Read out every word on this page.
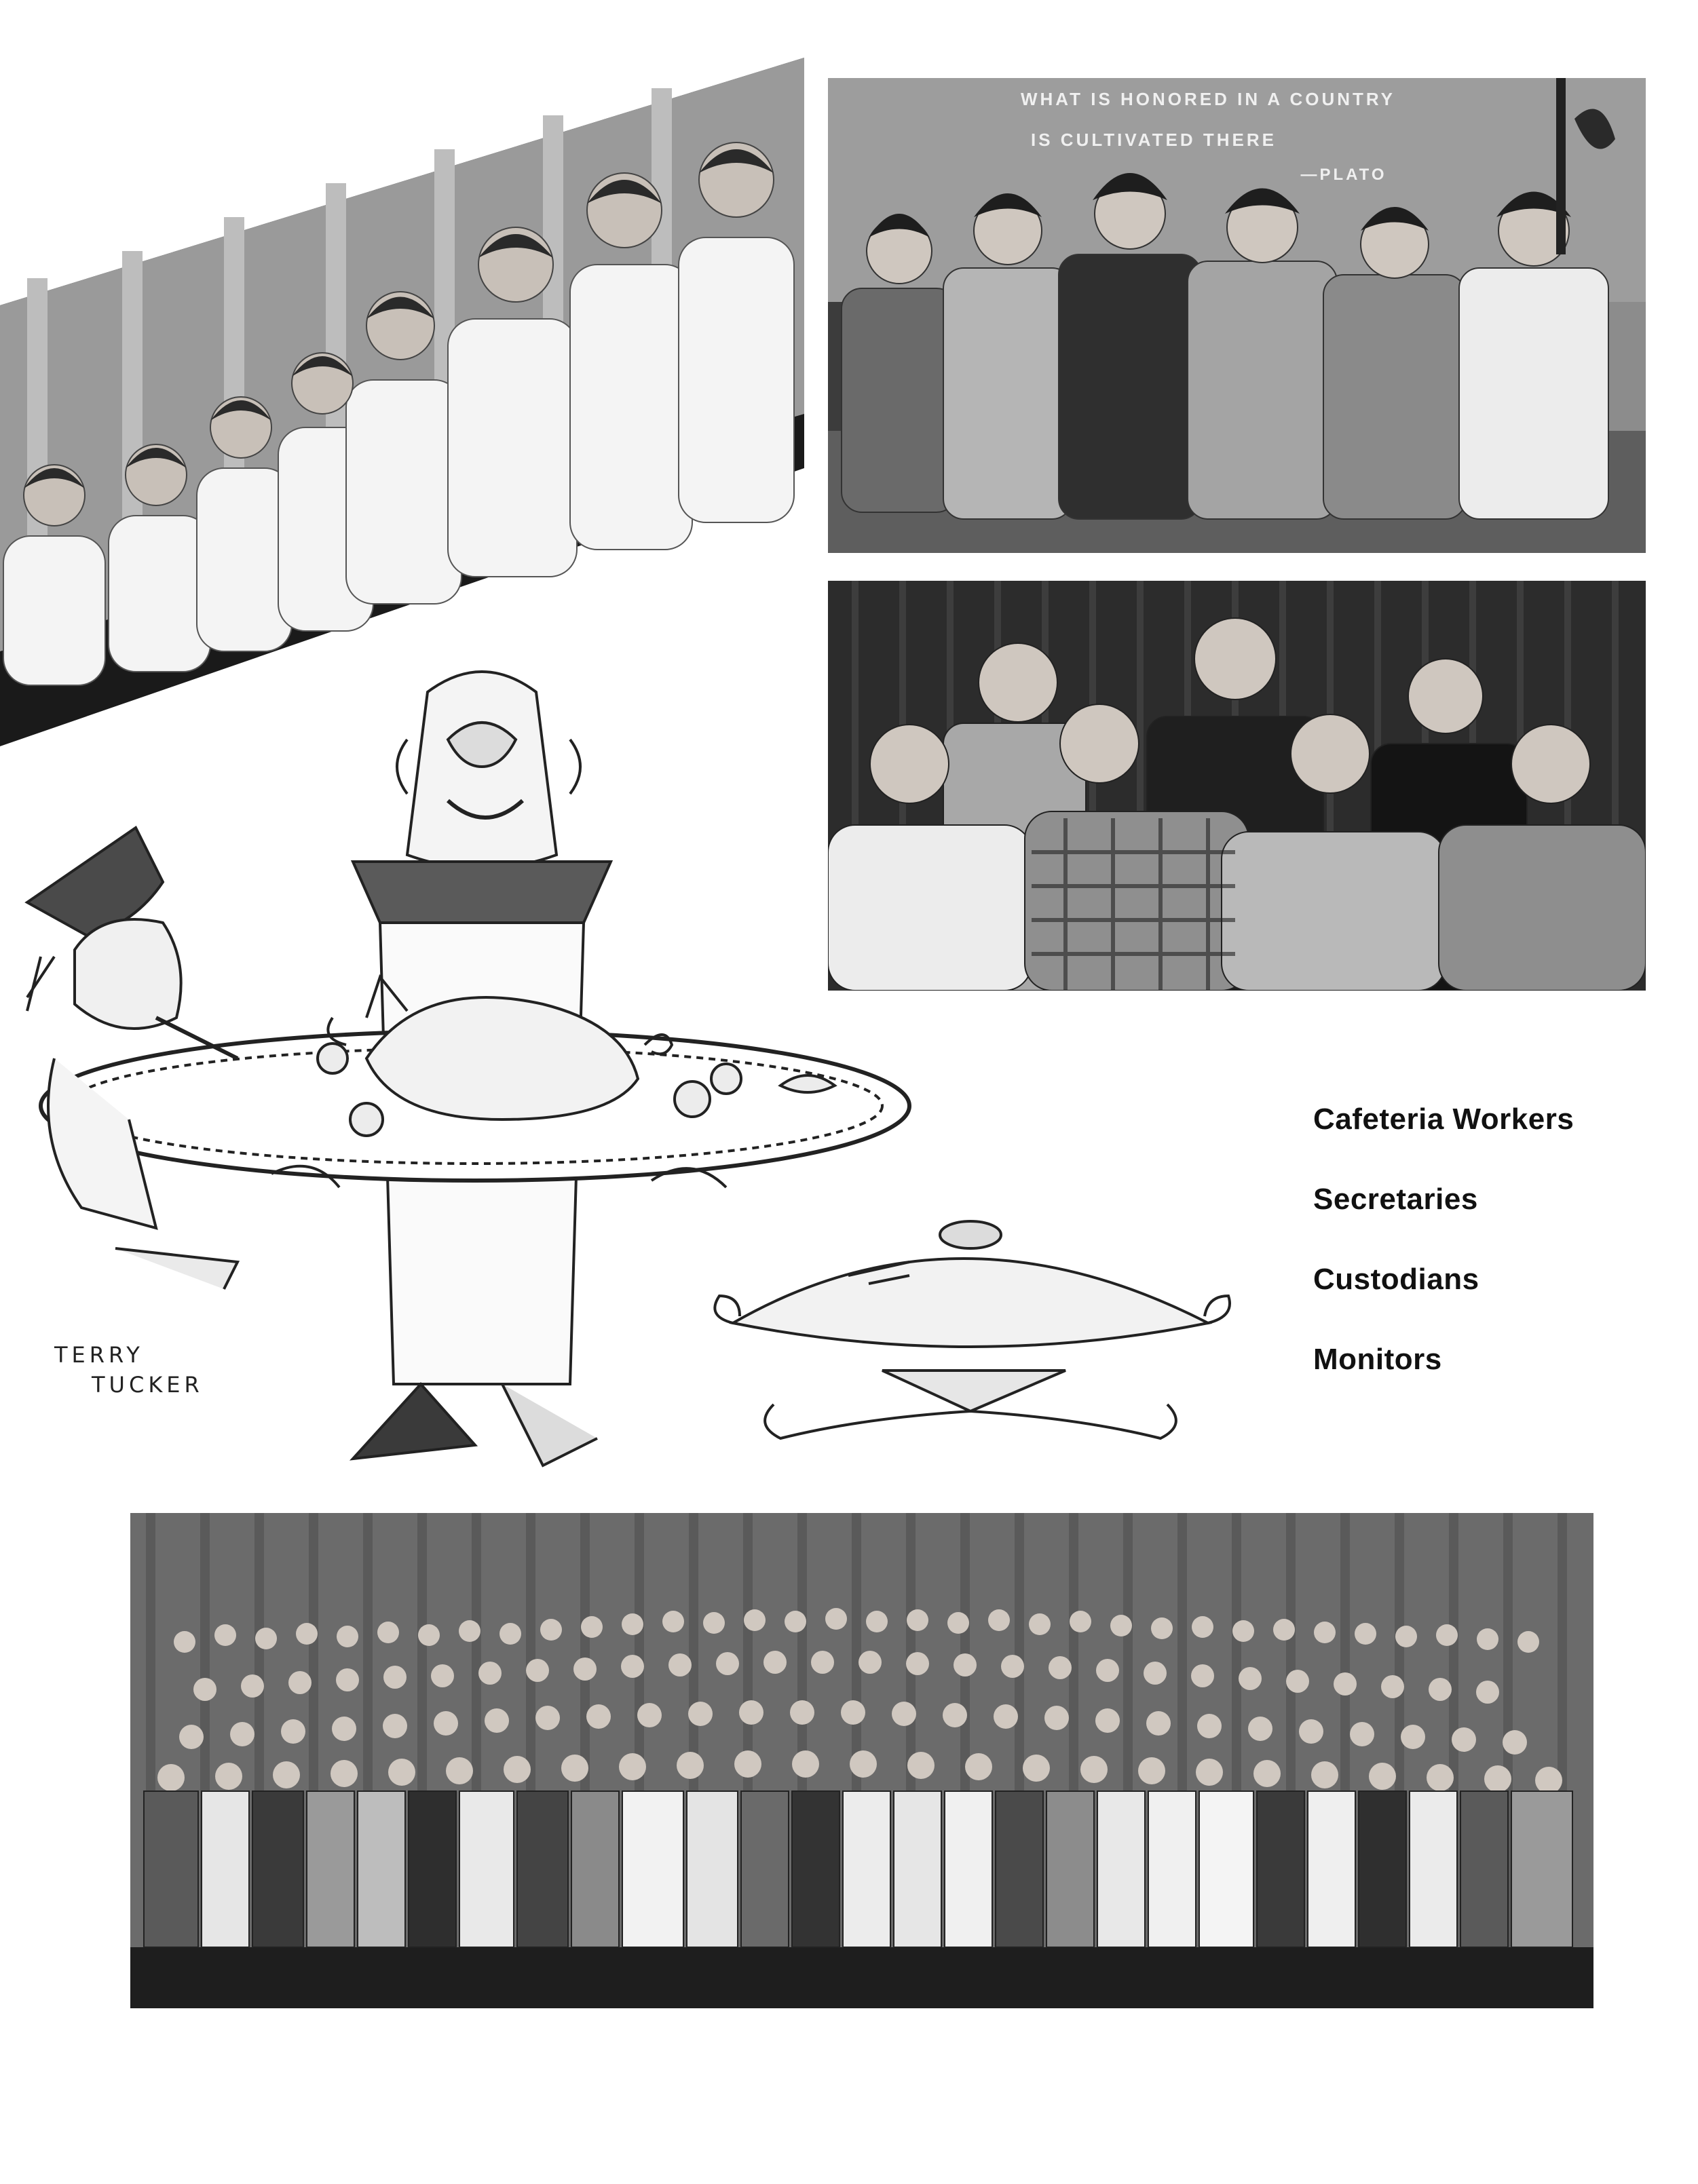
WHAT IS HONORED IN A COUNTRY
IS CULTIVATED THERE
—PLATO
TERRY
TUCKER
Cafeteria Workers
Secretaries
Custodians
Monitors
